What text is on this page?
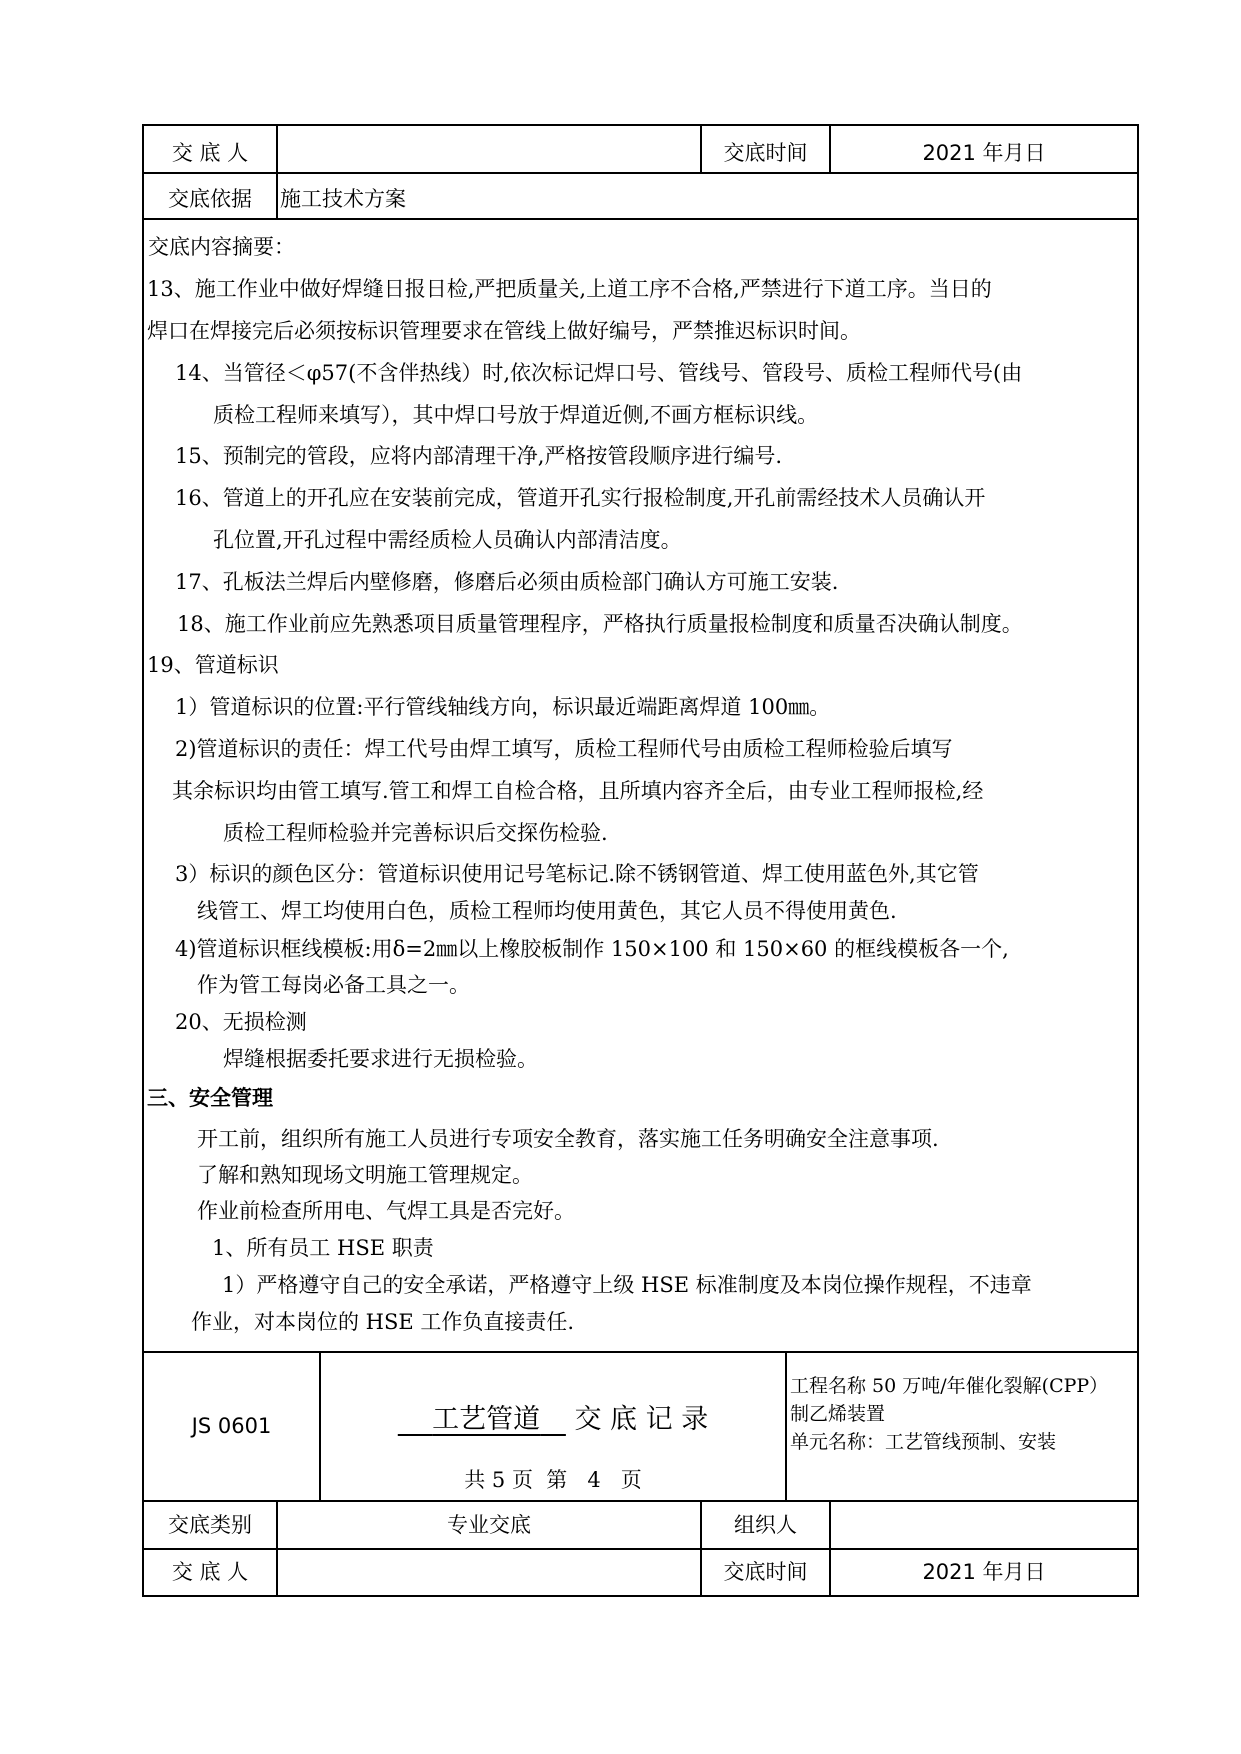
交 底 人	交底时间	2021 年月日
交底依据	施工技术方案
交底内容摘要：
13、施工作业中做好焊缝日报日检,严把质量关,上道工序不合格,严禁进行下道工序。当日的
焊口在焊接完后必须按标识管理要求在管线上做好编号，严禁推迟标识时间。
14、当管径＜φ57(不含伴热线）时,依次标记焊口号、管线号、管段号、质检工程师代号(由
质检工程师来填写），其中焊口号放于焊道近侧,不画方框标识线。
15、预制完的管段，应将内部清理干净,严格按管段顺序进行编号.
16、管道上的开孔应在安装前完成，管道开孔实行报检制度,开孔前需经技术人员确认开
孔位置,开孔过程中需经质检人员确认内部清洁度。
17、孔板法兰焊后内壁修磨，修磨后必须由质检部门确认方可施工安装.
18、施工作业前应先熟悉项目质量管理程序，严格执行质量报检制度和质量否决确认制度。
19、管道标识
1）管道标识的位置:平行管线轴线方向，标识最近端距离焊道 100㎜。
2)管道标识的责任：焊工代号由焊工填写，质检工程师代号由质检工程师检验后填写
其余标识均由管工填写.管工和焊工自检合格，且所填内容齐全后，由专业工程师报检,经
质检工程师检验并完善标识后交探伤检验.
3）标识的颜色区分：管道标识使用记号笔标记.除不锈钢管道、焊工使用蓝色外,其它管
线管工、焊工均使用白色，质检工程师均使用黄色，其它人员不得使用黄色.
4)管道标识框线模板:用δ=2㎜以上橡胶板制作 150×100 和 150×60 的框线模板各一个,
作为管工每岗必备工具之一。
20、无损检测
焊缝根据委托要求进行无损检验。
三、安全管理
开工前，组织所有施工人员进行专项安全教育，落实施工任务明确安全注意事项.
了解和熟知现场文明施工管理规定。
作业前检查所用电、气焊工具是否完好。
1、所有员工 HSE 职责
1）严格遵守自己的安全承诺，严格遵守上级 HSE 标准制度及本岗位操作规程，不违章
作业，对本岗位的 HSE 工作负直接责任.
JS 0601	工艺管道 交 底 记 录
共 5 页  第   4   页
工程名称 50 万吨/年催化裂解(CPP）
制乙烯装置
单元名称：工艺管线预制、安装
交底类别	专业交底	组织人
交 底 人	交底时间	2021 年月日
